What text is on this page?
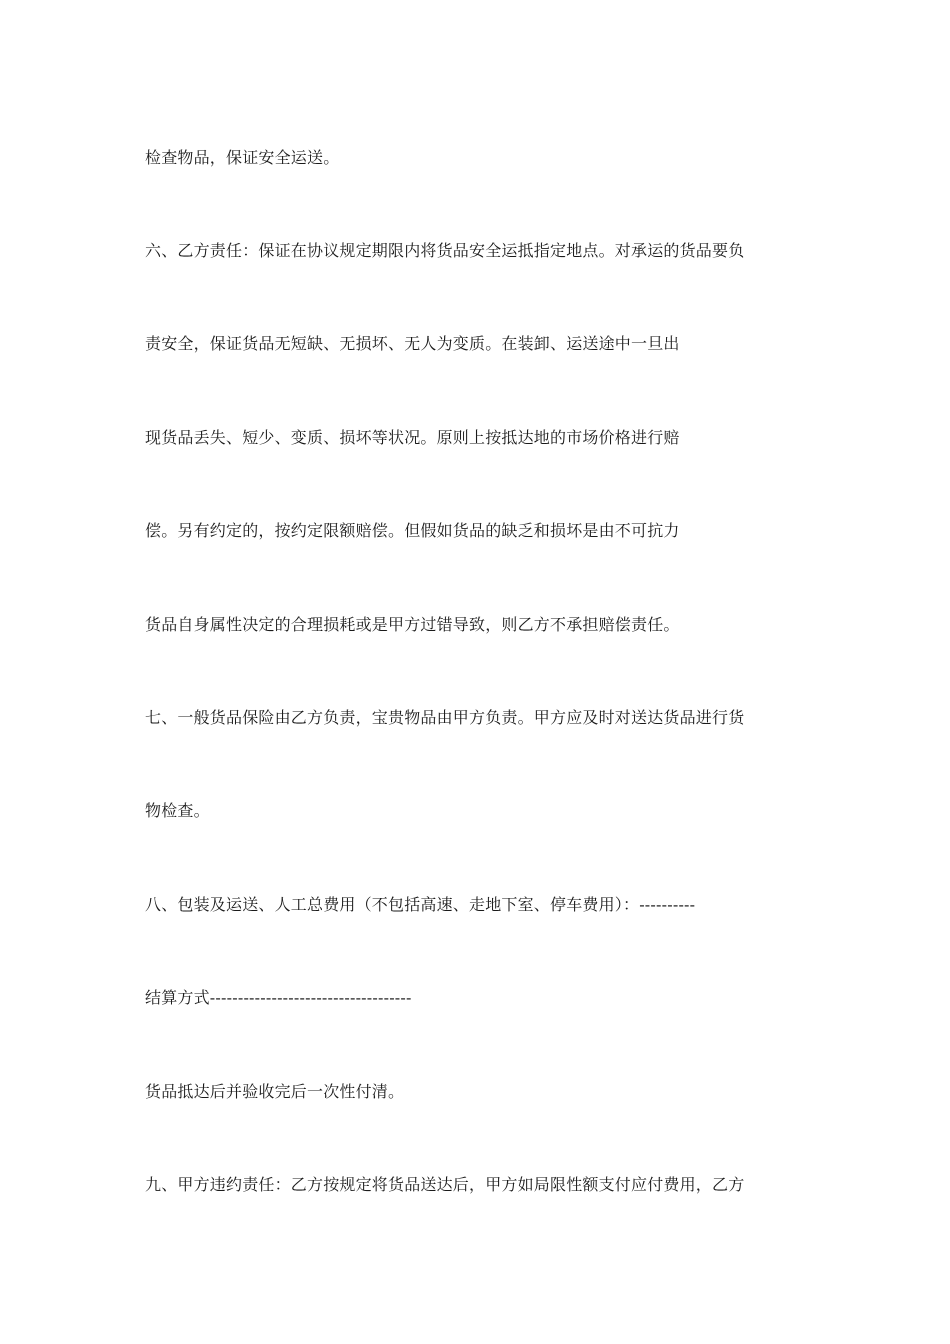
检查物品，保证安全运送。
六、乙方责任：保证在协议规定期限内将货品安全运抵指定地点。对承运的货品要负
责安全，保证货品无短缺、无损坏、无人为变质。在装卸、运送途中一旦出
现货品丢失、短少、变质、损坏等状况。原则上按抵达地的市场价格进行赔
偿。另有约定的，按约定限额赔偿。但假如货品的缺乏和损坏是由不可抗力
货品自身属性决定的合理损耗或是甲方过错导致，则乙方不承担赔偿责任。
七、一般货品保险由乙方负责，宝贵物品由甲方负责。甲方应及时对送达货品进行货
物检查。
八、包装及运送、人工总费用（不包括高速、走地下室、停车费用）：----------
结算方式------------------------------------
货品抵达后并验收完后一次性付清。
九、甲方违约责任：乙方按规定将货品送达后，甲方如局限性额支付应付费用，乙方
